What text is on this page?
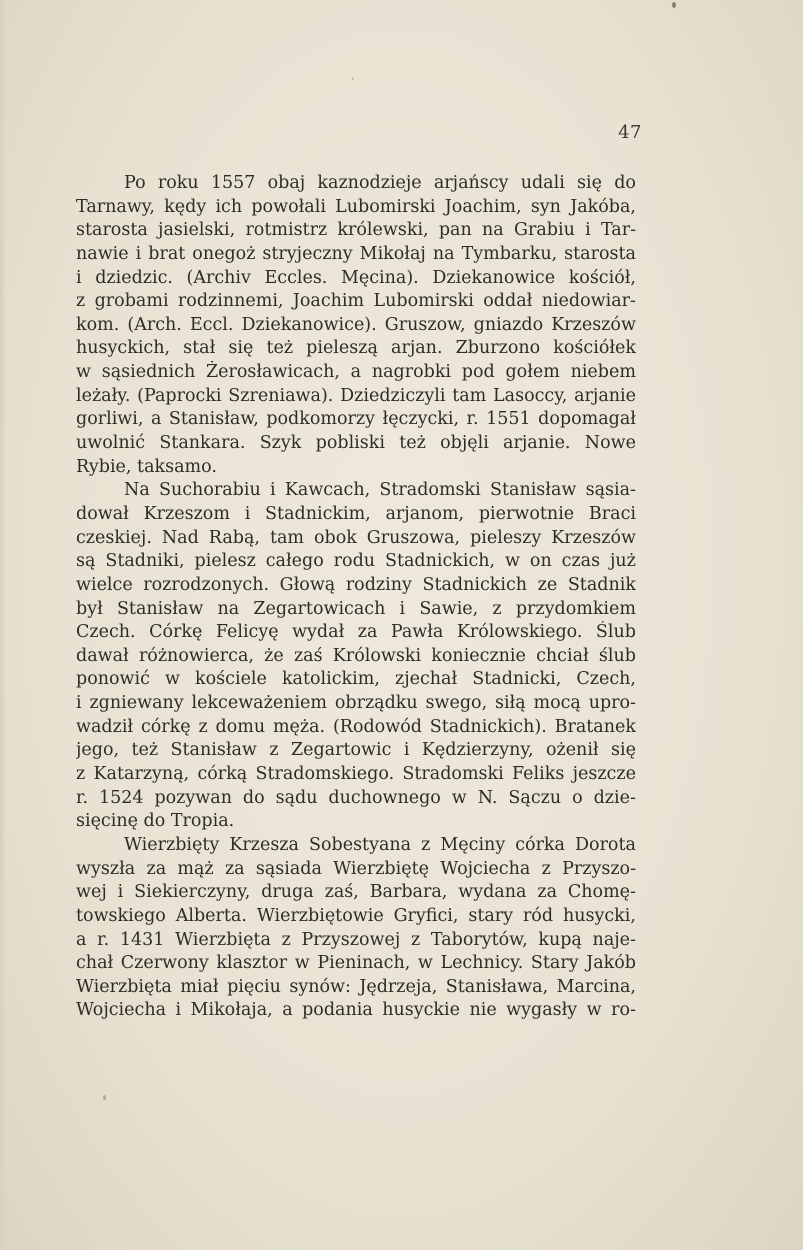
47
Po roku 1557 obaj kaznodzieje arjańscy udali się do
Tarnawy, kędy ich powołali Lubomirski Joachim, syn Jakóba,
starosta jasielski, rotmistrz królewski, pan na Grabiu i Tar-
nawie i brat onegoż stryjeczny Mikołaj na Tymbarku, starosta
i dziedzic. (Archiv Eccles. Męcina). Dziekanowice kościół,
z grobami rodzinnemi, Joachim Lubomirski oddał niedowiar-
kom. (Arch. Eccl. Dziekanowice). Gruszow, gniazdo Krzeszów
husyckich, stał się też pieleszą arjan. Zburzono kościółek
w sąsiednich Żerosławicach, a nagrobki pod gołem niebem
leżały. (Paprocki Szreniawa). Dziedziczyli tam Lasoccy, arjanie
gorliwi, a Stanisław, podkomorzy łęczycki, r. 1551 dopomagał
uwolnić Stankara. Szyk pobliski też objęli arjanie. Nowe
Rybie, taksamo.
Na Suchorabiu i Kawcach, Stradomski Stanisław sąsia-
dował Krzeszom i Stadnickim, arjanom, pierwotnie Braci
czeskiej. Nad Rabą, tam obok Gruszowa, pieleszy Krzeszów
są Stadniki, pielesz całego rodu Stadnickich, w on czas już
wielce rozrodzonych. Głową rodziny Stadnickich ze Stadnik
był Stanisław na Zegartowicach i Sawie, z przydomkiem
Czech. Córkę Felicyę wydał za Pawła Królowskiego. Ślub
dawał różnowierca, że zaś Królowski koniecznie chciał ślub
ponowić w kościele katolickim, zjechał Stadnicki, Czech,
i zgniewany lekceważeniem obrządku swego, siłą mocą upro-
wadził córkę z domu męża. (Rodowód Stadnickich). Bratanek
jego, też Stanisław z Zegartowic i Kędzierzyny, ożenił się
z Katarzyną, córką Stradomskiego. Stradomski Feliks jeszcze
r. 1524 pozywan do sądu duchownego w N. Sączu o dzie-
sięcinę do Tropia.
Wierzbięty Krzesza Sobestyana z Męciny córka Dorota
wyszła za mąż za sąsiada Wierzbiętę Wojciecha z Przyszo-
wej i Siekierczyny, druga zaś, Barbara, wydana za Chomę-
towskiego Alberta. Wierzbiętowie Gryfici, stary ród husycki,
a r. 1431 Wierzbięta z Przyszowej z Taborytów, kupą naje-
chał Czerwony klasztor w Pieninach, w Lechnicy. Stary Jakób
Wierzbięta miał pięciu synów: Jędrzeja, Stanisława, Marcina,
Wojciecha i Mikołaja, a podania husyckie nie wygasły w ro-
